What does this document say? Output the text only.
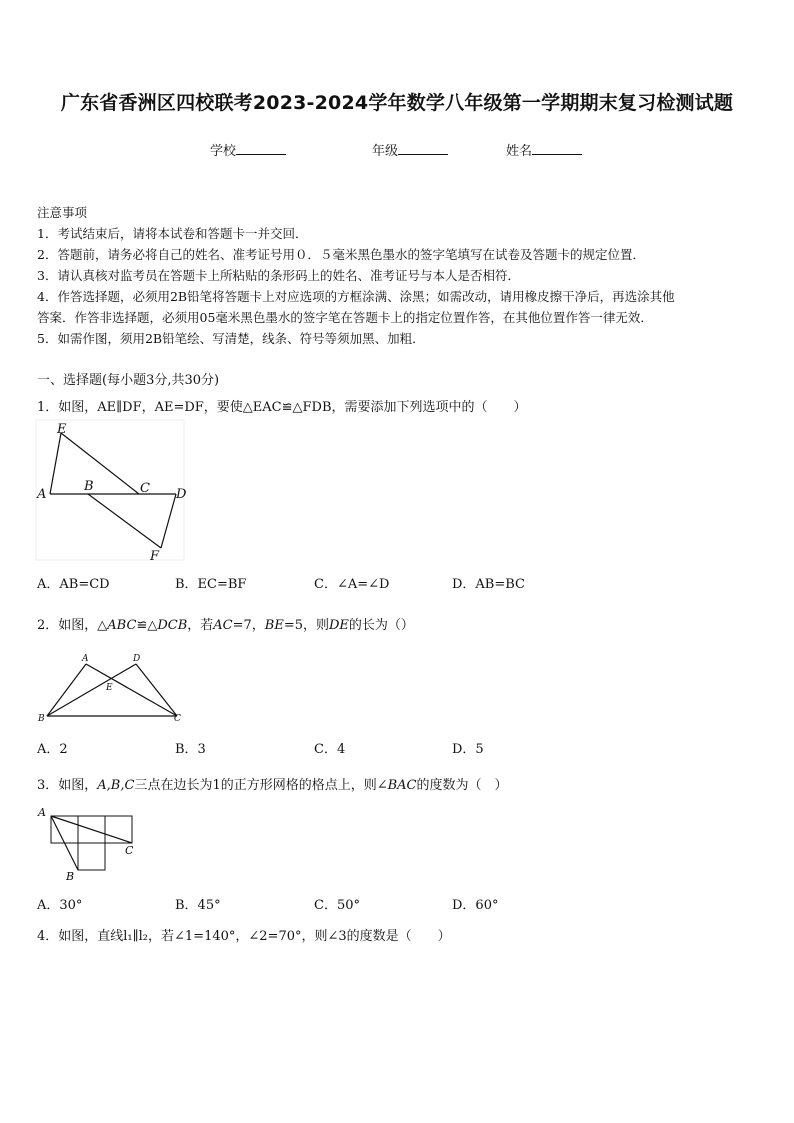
广东省香洲区四校联考2023-2024学年数学八年级第一学期期末复习检测试题
学校	年级	姓名
注意事项
1．考试结束后，请将本试卷和答题卡一并交回．
2．答题前，请务必将自己的姓名、准考证号用０．５毫米黑色墨水的签字笔填写在试卷及答题卡的规定位置．
3．请认真核对监考员在答题卡上所粘贴的条形码上的姓名、准考证号与本人是否相符．
4．作答选择题，必须用2B铅笔将答题卡上对应选项的方框涂满、涂黑；如需改动，请用橡皮擦干净后，再选涂其他
答案．作答非选择题，必须用05毫米黑色墨水的签字笔在答题卡上的指定位置作答，在其他位置作答一律无效．
5．如需作图，须用2B铅笔绘、写清楚，线条、符号等须加黑、加粗．
一、选择题(每小题3分,共30分)
1．如图，AE∥DF，AE=DF，要使△EAC≌△FDB，需要添加下列选项中的（　　）
E
A
B	C D
F
A．AB=CD	B．EC=BF	C．∠A=∠D	D．AB=BC
2．如图，△ABC≌△DCB，若AC=7，BE=5，则DE的长为（）
A	D
E
B	C
A．2	B．3	C．4	D．5
3．如图，A,B,C三点在边长为1的正方形网格的格点上，则∠BAC的度数为（　）
A
C
B
A．30°	B．45°	C．50°	D．60°
4．如图，直线l₁∥l₂，若∠1=140°，∠2=70°，则∠3的度数是（　　）
